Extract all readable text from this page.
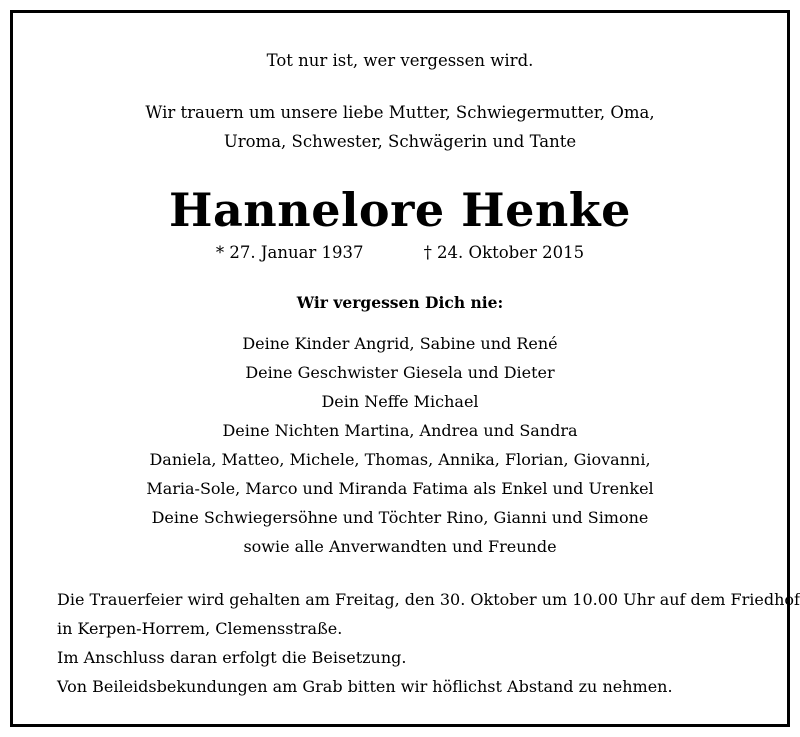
Tot nur ist, wer vergessen wird.
Wir trauern um unsere liebe Mutter, Schwiegermutter, Oma,
Uroma, Schwester, Schwägerin und Tante
Hannelore Henke
* 27. Januar 1937	† 24. Oktober 2015
Wir vergessen Dich nie:
Deine Kinder Angrid, Sabine und René
Deine Geschwister Giesela und Dieter
Dein Neffe Michael
Deine Nichten Martina, Andrea und Sandra
Daniela, Matteo, Michele, Thomas, Annika, Florian, Giovanni,
Maria-Sole, Marco und Miranda Fatima als Enkel und Urenkel
Deine Schwiegersöhne und Töchter Rino, Gianni und Simone
sowie alle Anverwandten und Freunde
Die Trauerfeier wird gehalten am Freitag, den 30. Oktober um 10.00 Uhr auf dem Friedhof
in Kerpen-Horrem, Clemensstraße.
Im Anschluss daran erfolgt die Beisetzung.
Von Beileidsbekundungen am Grab bitten wir höflichst Abstand zu nehmen.
